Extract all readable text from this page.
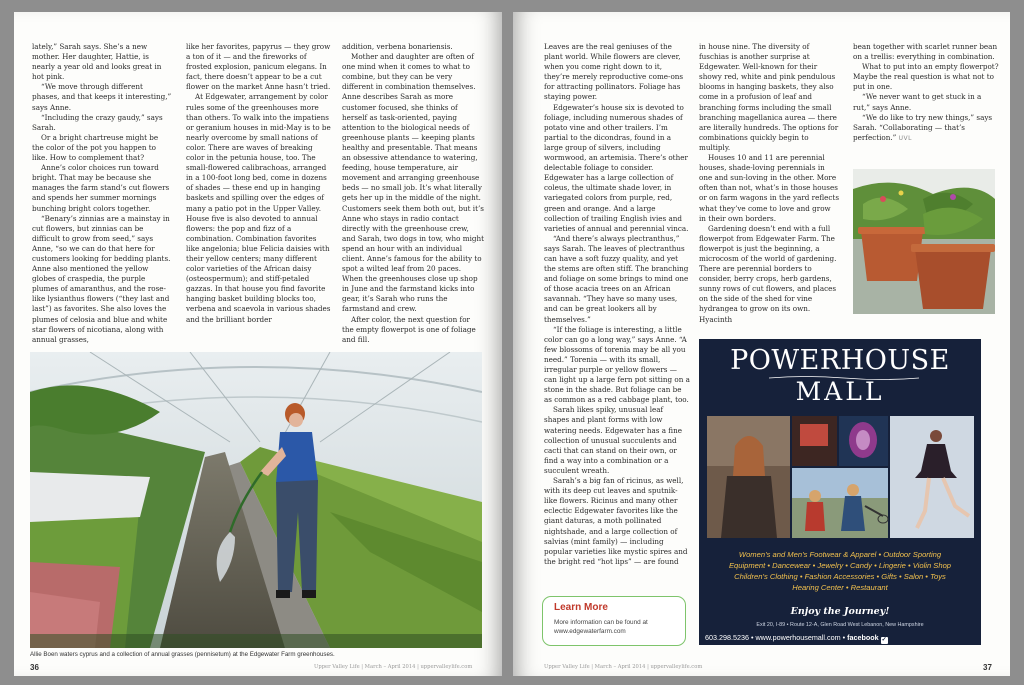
lately,” Sarah says. She’s a new mother. Her daughter, Hattie, is nearly a year old and looks great in hot pink.

“We move through different phases, and that keeps it interesting,” says Anne.

“Including the crazy gaudy,” says Sarah.

Or a bright chartreuse might be the color of the pot you happen to like. How to complement that?

Anne’s color choices run toward bright. That may be because she manages the farm stand’s cut flowers and spends her summer mornings bunching bright colors together.

“Benary’s zinnias are a mainstay in cut flowers, but zinnias can be difficult to grow from seed,” says Anne, “so we can do that here for customers looking for bedding plants. Anne also mentioned the yellow globes of craspedia, the purple plumes of amaranthus, and the rose-like lysianthus flowers (“they last and last”) as favorites. She also loves the plumes of celosia and blue and white star flowers of nicotiana, along with annual grasses,

like her favorites, papyrus — they grow a ton of it — and the fireworks of frosted explosion, panicum elegans. In fact, there doesn’t appear to be a cut flower on the market Anne hasn’t tried.

At Edgewater, arrangement by color rules some of the greenhouses more than others. To walk into the impatiens or geranium houses in mid-May is to be nearly overcome by small nations of color. There are waves of breaking color in the petunia house, too. The small-flowered calibrachoas, arranged in a 100-foot long bed, come in dozens of shades — these end up in hanging baskets and spilling over the edges of many a patio pot in the Upper Valley. House five is also devoted to annual flowers: the pop and fizz of a combination. Combination favorites like angelonia; blue Felicia daisies with their yellow centers; many different color varieties of the African daisy (osteospermum); and stiff-petaled gazzas. In that house you find favorite hanging basket building blocks too, verbena and scaevola in various shades and the brilliant border

addition, verbena bonariensis.

Mother and daughter are often of one mind when it comes to what to combine, but they can be very different in combination themselves. Anne describes Sarah as more customer focused, she thinks of herself as task-oriented, paying attention to the biological needs of greenhouse plants — keeping plants healthy and presentable. That means an obsessive attendance to watering, feeding, house temperature, air movement and arranging greenhouse beds — no small job. It’s what literally gets her up in the middle of the night. Customers seek them both out, but it’s Anne who stays in radio contact directly with the greenhouse crew, and Sarah, two dogs in tow, who might spend an hour with an individual client. Anne’s famous for the ability to spot a wilted leaf from 20 paces. When the greenhouses close up shop in June and the farmstand kicks into gear, it’s Sarah who runs the farmstand and crew.

After color, the next question for the empty flowerpot is one of foliage and fill.

Allie Boen waters cyprus and a collection of annual grasses (pennisetum) at the Edgewater Farm greenhouses.
36	Upper Valley Life | March – April 2014 | uppervalleylife.com

Leaves are the real geniuses of the plant world. While flowers are clever, when you come right down to it, they’re merely reproductive come-ons for attracting pollinators. Foliage has staying power.

Edgewater’s house six is devoted to foliage, including numerous shades of potato vine and other trailers. I’m partial to the dicondras, found in a large group of silvers, including wormwood, an artemisia. There’s other delectable foliage to consider. Edgewater has a large collection of coleus, the ultimate shade lover, in variegated colors from purple, red, green and orange. And a large collection of trailing English ivies and varieties of annual and perennial vinca.

“And there’s always plectranthus,” says Sarah. The leaves of plectranthus can have a soft fuzzy quality, and yet the stems are often stiff. The branching and foliage on some brings to mind one of those acacia trees on an African savannah. “They have so many uses, and can be great lookers all by themselves.”

“If the foliage is interesting, a little color can go a long way,” says Anne. “A few blossoms of torenia may be all you need.” Torenia — with its small, irregular purple or yellow flowers — can light up a large fern pot sitting on a stone in the shade. But foliage can be as common as a red cabbage plant, too.

Sarah likes spiky, unusual leaf shapes and plant forms with low watering needs. Edgewater has a fine collection of unusual succulents and cacti that can stand on their own, or find a way into a combination or a succulent wreath.

Sarah’s a big fan of ricinus, as well, with its deep cut leaves and sputnik-like flowers. Ricinus and many other eclectic Edgewater favorites like the giant daturas, a moth pollinated nightshade, and a large collection of salvias (mint family) — including popular varieties like mystic spires and the bright red “hot lips” — are found

in house nine. The diversity of fuschias is another surprise at Edgewater. Well-known for their showy red, white and pink pendulous blooms in hanging baskets, they also come in a profusion of leaf and branching forms including the small branching magellanica aurea — there are literally hundreds. The options for combinations quickly begin to multiply.

Houses 10 and 11 are perennial houses, shade-loving perennials in one and sun-loving in the other. More often than not, what’s in those houses or on farm wagons in the yard reflects what they’ve come to love and grow in their own borders.

Gardening doesn’t end with a full flowerpot from Edgewater Farm. The flowerpot is just the beginning, a microcosm of the world of gardening. There are perennial borders to consider, berry crops, herb gardens, sunny rows of cut flowers, and places on the side of the shed for vine hydrangea to grow on its own. Hyacinth

bean together with scarlet runner bean on a trellis: everything in combination.

What to put into an empty flowerpot? Maybe the real question is what not to put in one.

“We never want to get stuck in a rut,” says Anne.

“We do like to try new things,” says Sarah. “Collaborating — that’s perfection.” UVL

Learn More
More information can be found at www.edgewaterfarm.com
POWERHOUSE
MALL
Women’s and Men’s Footwear & Apparel • Outdoor Sporting
Equipment • Dancewear • Jewelry • Candy • Lingerie • Violin Shop
Children’s Clothing • Fashion Accessories • Gifts • Salon • Toys
Hearing Center • Restaurant
Enjoy the Journey!
Exit 20, I-89 • Route 12-A, Glen Road West Lebanon, New Hampshire
603.298.5236 • www.powerhousemall.com • facebook ✓
Upper Valley Life | March – April 2014 | uppervalleylife.com	37
